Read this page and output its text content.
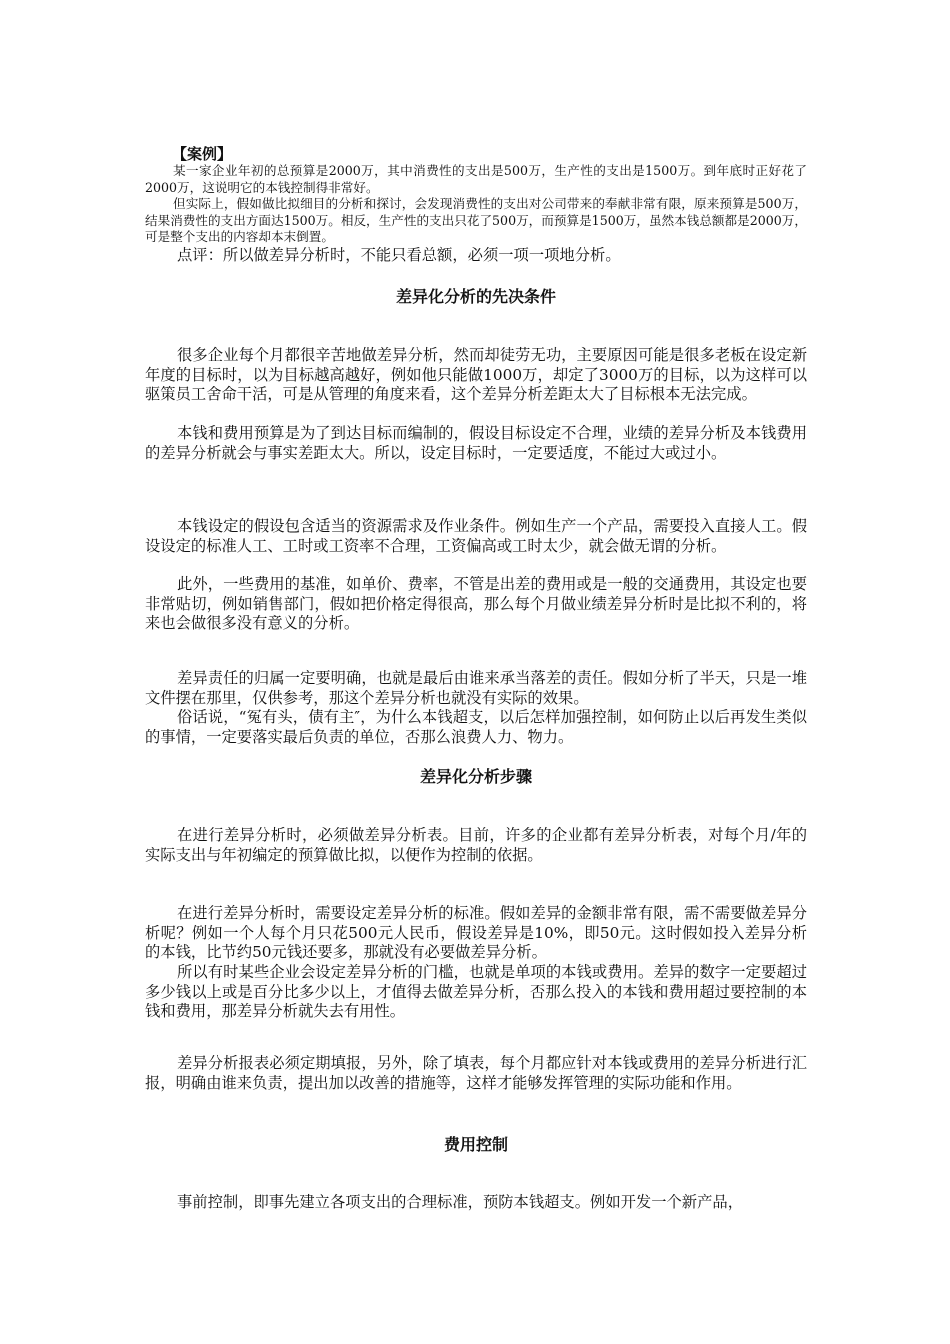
【案例】

某一家企业年初的总预算是2000万，其中消费性的支出是500万，生产性的支出是1500万。到年底时正好花了2000万，这说明它的本钱控制得非常好。

但实际上，假如做比拟细目的分析和探讨，会发现消费性的支出对公司带来的奉献非常有限，原来预算是500万，结果消费性的支出方面达1500万。相反，生产性的支出只花了500万，而预算是1500万，虽然本钱总额都是2000万，可是整个支出的内容却本末倒置。

点评：所以做差异分析时，不能只看总额，必须一项一项地分析。

差异化分析的先决条件

很多企业每个月都很辛苦地做差异分析，然而却徒劳无功，主要原因可能是很多老板在设定新年度的目标时，以为目标越高越好，例如他只能做1000万，却定了3000万的目标，以为这样可以驱策员工舍命干活，可是从管理的角度来看，这个差异分析差距太大了目标根本无法完成。

本钱和费用预算是为了到达目标而编制的，假设目标设定不合理，业绩的差异分析及本钱费用的差异分析就会与事实差距太大。所以，设定目标时，一定要适度，不能过大或过小。

本钱设定的假设包含适当的资源需求及作业条件。例如生产一个产品，需要投入直接人工。假设设定的标准人工、工时或工资率不合理，工资偏高或工时太少，就会做无谓的分析。

此外，一些费用的基准，如单价、费率，不管是出差的费用或是一般的交通费用，其设定也要非常贴切，例如销售部门，假如把价格定得很高，那么每个月做业绩差异分析时是比拟不利的，将来也会做很多没有意义的分析。

差异责任的归属一定要明确，也就是最后由谁来承当落差的责任。假如分析了半天，只是一堆文件摆在那里，仅供参考，那这个差异分析也就没有实际的效果。

俗话说，“冤有头，债有主″，为什么本钱超支，以后怎样加强控制，如何防止以后再发生类似的事情，一定要落实最后负责的单位，否那么浪费人力、物力。

差异化分析步骤

在进行差异分析时，必须做差异分析表。目前，许多的企业都有差异分析表，对每个月/年的实际支出与年初编定的预算做比拟，以便作为控制的依据。

在进行差异分析时，需要设定差异分析的标准。假如差异的金额非常有限，需不需要做差异分析呢？例如一个人每个月只花500元人民币，假设差异是10%，即50元。这时假如投入差异分析的本钱，比节约50元钱还要多，那就没有必要做差异分析。

所以有时某些企业会设定差异分析的门槛，也就是单项的本钱或费用。差异的数字一定要超过多少钱以上或是百分比多少以上，才值得去做差异分析，否那么投入的本钱和费用超过要控制的本钱和费用，那差异分析就失去有用性。

差异分析报表必须定期填报，另外，除了填表，每个月都应针对本钱或费用的差异分析进行汇报，明确由谁来负责，提出加以改善的措施等，这样才能够发挥管理的实际功能和作用。

费用控制

事前控制，即事先建立各项支出的合理标准，预防本钱超支。例如开发一个新产品，
